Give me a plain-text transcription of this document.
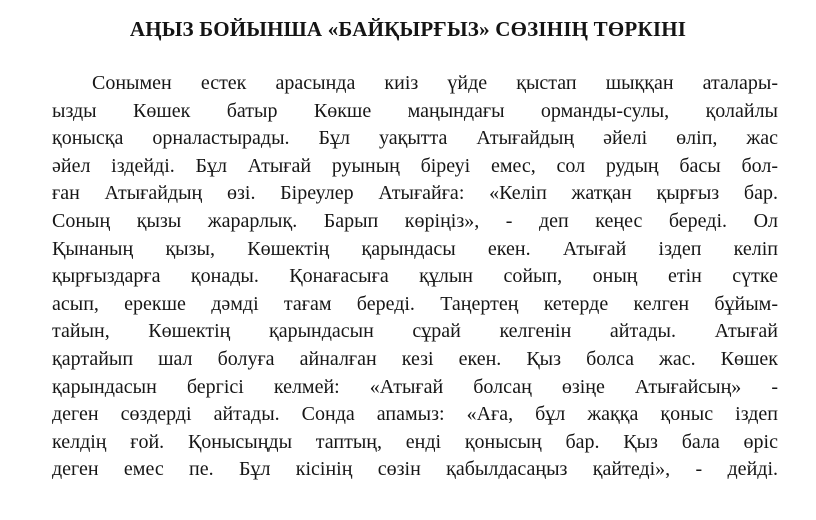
АҢЫЗ БОЙЫНША «БАЙҚЫРҒЫЗ» СӨЗІНІҢ ТӨРКІНІ
Сонымен естек арасында киіз үйде қыстап шыққан аталары-
ызды Көшек батыр Көкше маңындағы орманды-сулы, қолайлы
қонысқа орналастырады. Бұл уақытта Атығайдың әйелі өліп, жас
әйел іздейді. Бұл Атығай руының біреуі емес, сол рудың басы бол-
ған Атығайдың өзі. Біреулер Атығайға: «Келіп жатқан қырғыз бар.
Соның қызы жарарлық. Барып көріңіз», - деп кеңес береді. Ол
Қынаның қызы, Көшектің қарындасы екен. Атығай іздеп келіп
қырғыздарға қонады. Қонағасыға құлын сойып, оның етін сүтке
асып, ерекше дәмді тағам береді. Таңертең кетерде келген бұйым-
тайын, Көшектің қарындасын сұрай келгенін айтады. Атығай
қартайып шал болуға айналған кезі екен. Қыз болса жас. Көшек
қарындасын бергісі келмей: «Атығай болсаң өзіңе Атығайсың» -
деген сөздерді айтады. Сонда апамыз: «Аға, бұл жаққа қоныс іздеп
келдің ғой. Қонысыңды таптың, енді қонысың бар. Қыз бала өріс
деген емес пе. Бұл кісінің сөзін қабылдасаңыз қайтеді», - дейді.
